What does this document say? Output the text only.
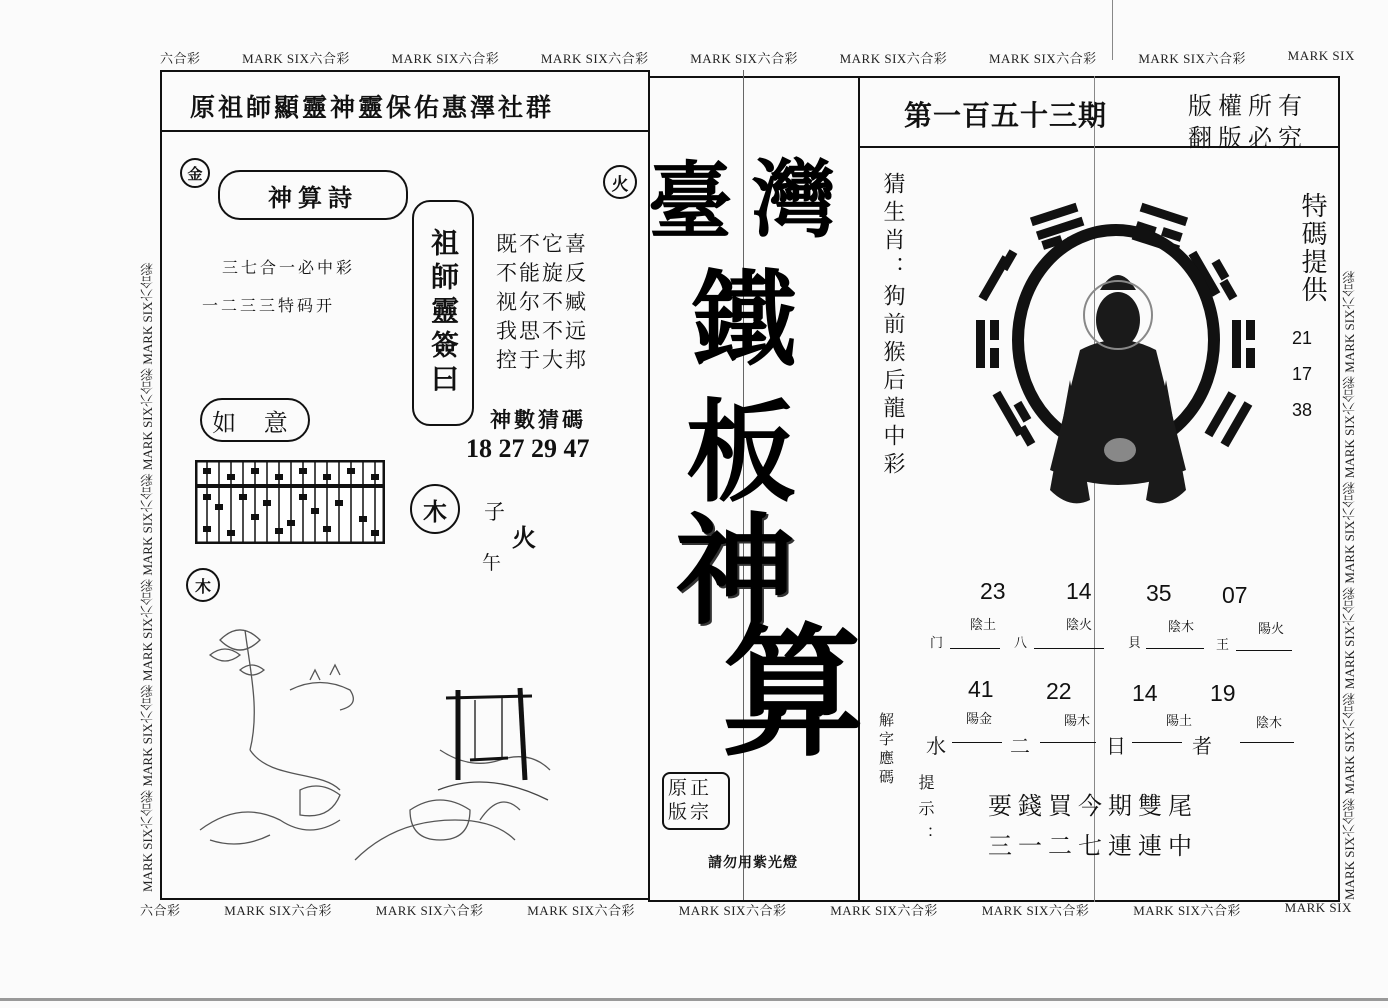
六合彩	MARK SIX六合彩	MARK SIX六合彩	MARK SIX六合彩	MARK SIX六合彩	MARK SIX六合彩	MARK SIX六合彩	MARK SIX六合彩	MARK SIX
六合彩	MARK SIX六合彩	MARK SIX六合彩	MARK SIX六合彩	MARK SIX六合彩	MARK SIX六合彩	MARK SIX六合彩	MARK SIX六合彩	MARK SIX
MARK SIX六合彩 MARK SIX六合彩 MARK SIX六合彩 MARK SIX六合彩 MARK SIX六合彩 MARK SIX六合彩	MARK SIX六合彩 MARK SIX六合彩 MARK SIX六合彩 MARK SIX六合彩 MARK SIX六合彩 MARK SIX六合彩
原祖師顯靈神靈保佑惠澤社群
金
火
神算詩
三七合一必中彩
一二三三特码开	祖師靈簽曰 既不它喜
不能旋反
视尔不臧
我思不远
控于大邦
神數猜碼
18 27 29 47
如 意
木	子
火
午
木
臺 灣
鐵
板
神
算
原正
版宗
請勿用紫光燈
第一百五十三期	版權所有
翻版必究
猜生肖：狗前猴后龍中彩	特碼提供
21
17
38
23	14 35 07
陰土	陰火	陰木	陽火
门	八	貝	王
41 22	14 19
陽金	陽木	陽土	陰木
水	二	日	者
解字應碼
提示： 要錢買今期雙尾
三一二七連連中
